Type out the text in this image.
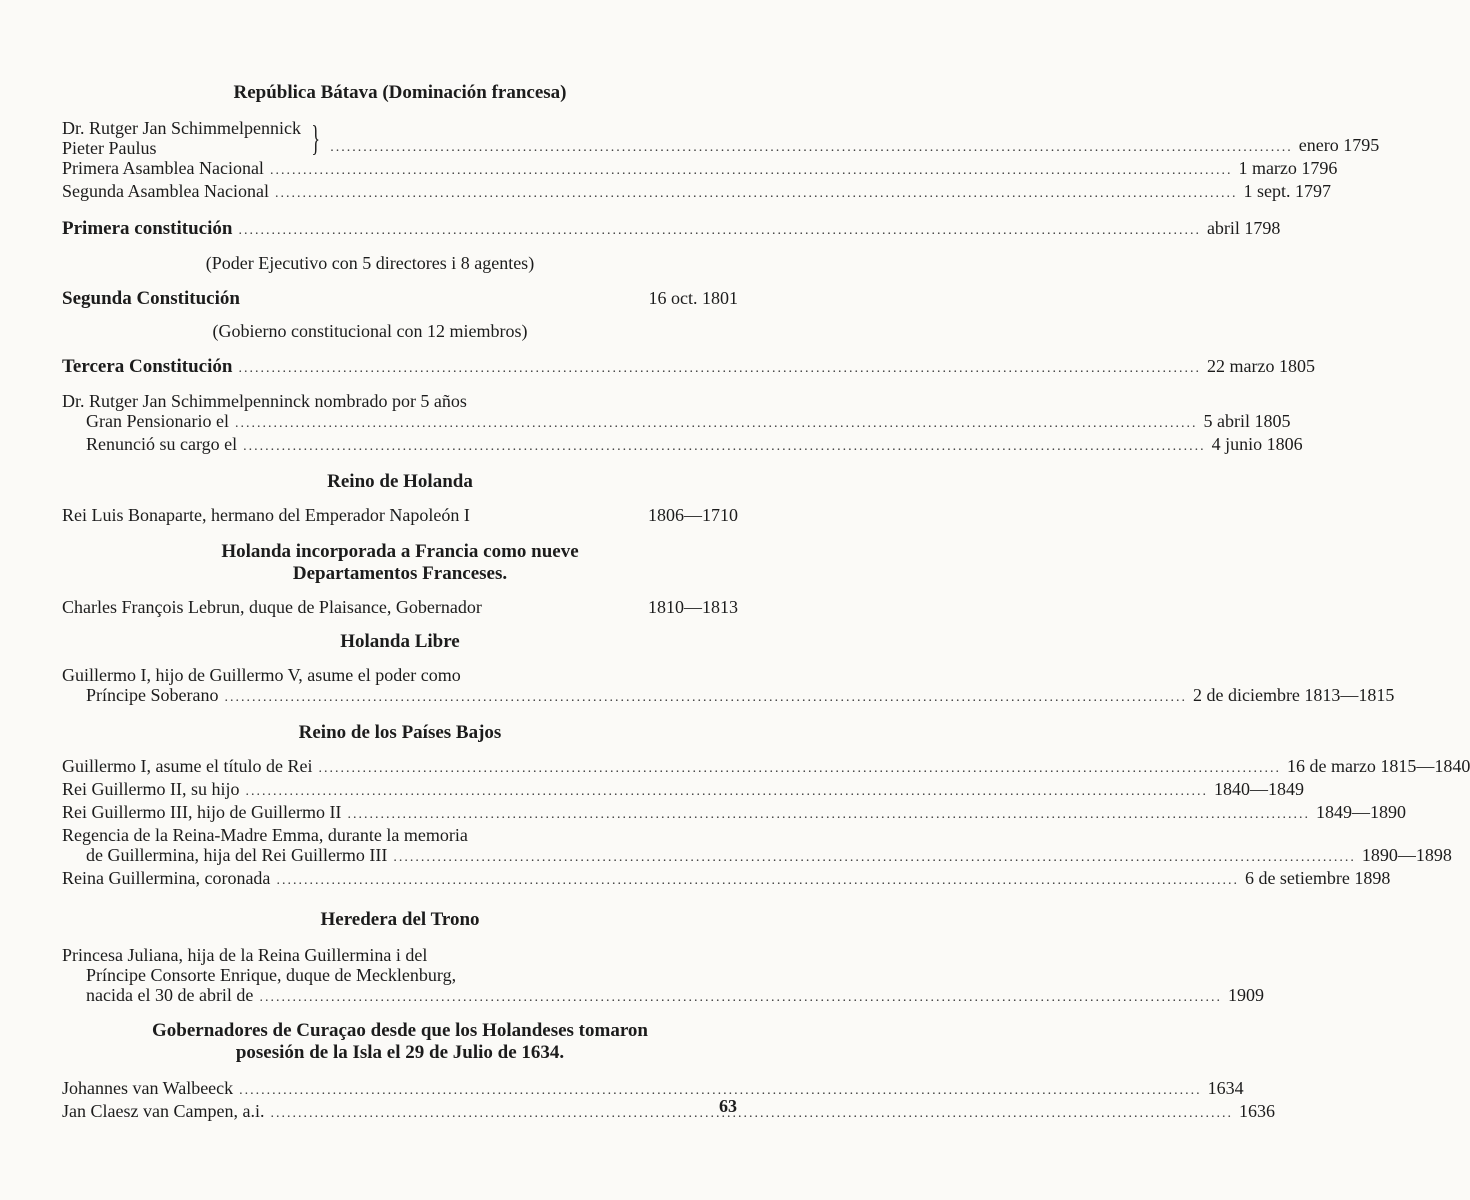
República Bátava (Dominación francesa)
Dr. Rutger Jan Schimmelpennick
Pieter Paulus	} .....	enero 1795
Primera Asamblea Nacional .....	1 marzo 1796
Segunda Asamblea Nacional .....	1 sept. 1797
Primera constitución .....	abril 1798
(Poder Ejecutivo con 5 directores i 8 agentes)
Segunda Constitución	16 oct. 1801
(Gobierno constitucional con 12 miembros)
Tercera Constitución .....	22 marzo 1805
Dr. Rutger Jan Schimmelpenninck nombrado por 5 años
Gran Pensionario el .....	5 abril 1805
Renunció su cargo el .....	4 junio 1806
Reino de Holanda
Rei Luis Bonaparte, hermano del Emperador Napoleón I	1806—1710
Holanda incorporada a Francia como nueve
Departamentos Franceses.
Charles François Lebrun, duque de Plaisance, Gobernador	1810—1813
Holanda Libre
Guillermo I, hijo de Guillermo V, asume el poder como
Príncipe Soberano .....	2 de diciembre 1813—1815
Reino de los Países Bajos
Guillermo I, asume el título de Rei .....	16 de marzo 1815—1840
Rei Guillermo II, su hijo .....	1840—1849
Rei Guillermo III, hijo de Guillermo II .....	1849—1890
Regencia de la Reina-Madre Emma, durante la memoria
de Guillermina, hija del Rei Guillermo III .....	1890—1898
Reina Guillermina, coronada .....	6 de setiembre 1898
Heredera del Trono
Princesa Juliana, hija de la Reina Guillermina i del
Príncipe Consorte Enrique, duque de Mecklenburg,
nacida el 30 de abril de .....	1909
Gobernadores de Curaçao desde que los Holandeses tomaron
posesión de la Isla el 29 de Julio de 1634.
Johannes van Walbeeck .....	1634
Jan Claesz van Campen, a.i. .....	1636
63
